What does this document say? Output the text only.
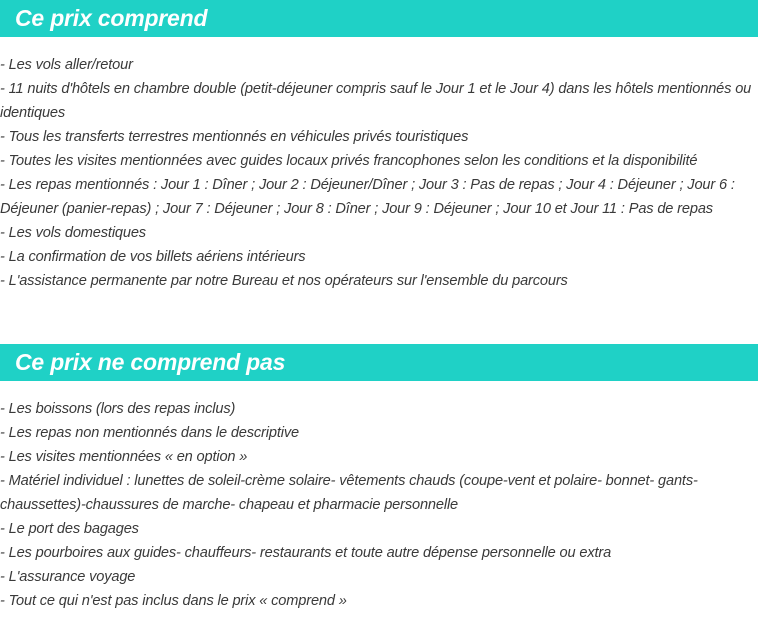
Ce prix comprend
- Les vols aller/retour
- 11 nuits d'hôtels en chambre double (petit-déjeuner compris sauf le Jour 1 et le Jour 4) dans les hôtels mentionnés ou identiques
- Tous les transferts terrestres mentionnés en véhicules privés touristiques
- Toutes les visites mentionnées avec guides locaux privés francophones selon les conditions et la disponibilité
- Les repas mentionnés : Jour 1 : Dîner ; Jour 2 : Déjeuner/Dîner ; Jour 3 : Pas de repas ; Jour 4 : Déjeuner ; Jour 6 : Déjeuner (panier-repas) ; Jour 7 : Déjeuner ; Jour 8 : Dîner ; Jour 9 : Déjeuner ; Jour 10 et Jour 11 : Pas de repas
- Les vols domestiques
- La confirmation de vos billets aériens intérieurs
- L'assistance permanente par notre Bureau et nos opérateurs sur l'ensemble du parcours
Ce prix ne comprend pas
- Les boissons (lors des repas inclus)
- Les repas non mentionnés dans le descriptive
- Les visites mentionnées « en option »
- Matériel individuel : lunettes de soleil-crème solaire- vêtements chauds (coupe-vent et polaire- bonnet- gants- chaussettes)-chaussures de marche- chapeau et pharmacie personnelle
- Le port des bagages
- Les pourboires aux guides- chauffeurs- restaurants et toute autre dépense personnelle ou extra
- L'assurance voyage
- Tout ce qui n'est pas inclus dans le prix « comprend »
